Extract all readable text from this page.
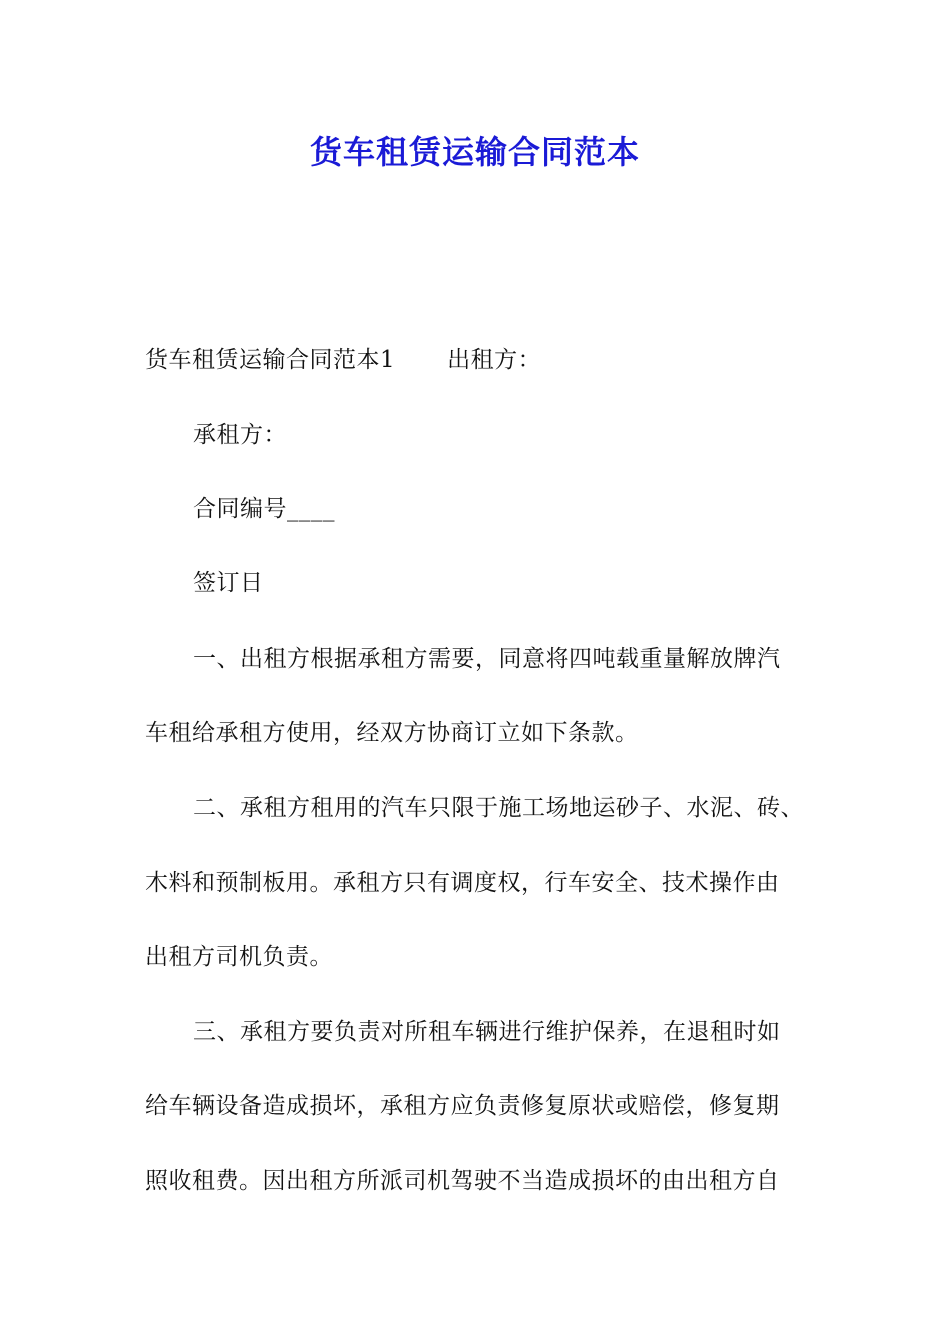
货车租赁运输合同范本
货车租赁运输合同范本1 出租方：
承租方：
合同编号____
签订日
一、出租方根据承租方需要，同意将四吨载重量解放牌汽
车租给承租方使用，经双方协商订立如下条款。
二、承租方租用的汽车只限于施工场地运砂子、水泥、砖、
木料和预制板用。承租方只有调度权，行车安全、技术操作由
出租方司机负责。
三、承租方要负责对所租车辆进行维护保养，在退租时如
给车辆设备造成损坏，承租方应负责修复原状或赔偿，修复期
照收租费。因出租方所派司机驾驶不当造成损坏的由出租方自
